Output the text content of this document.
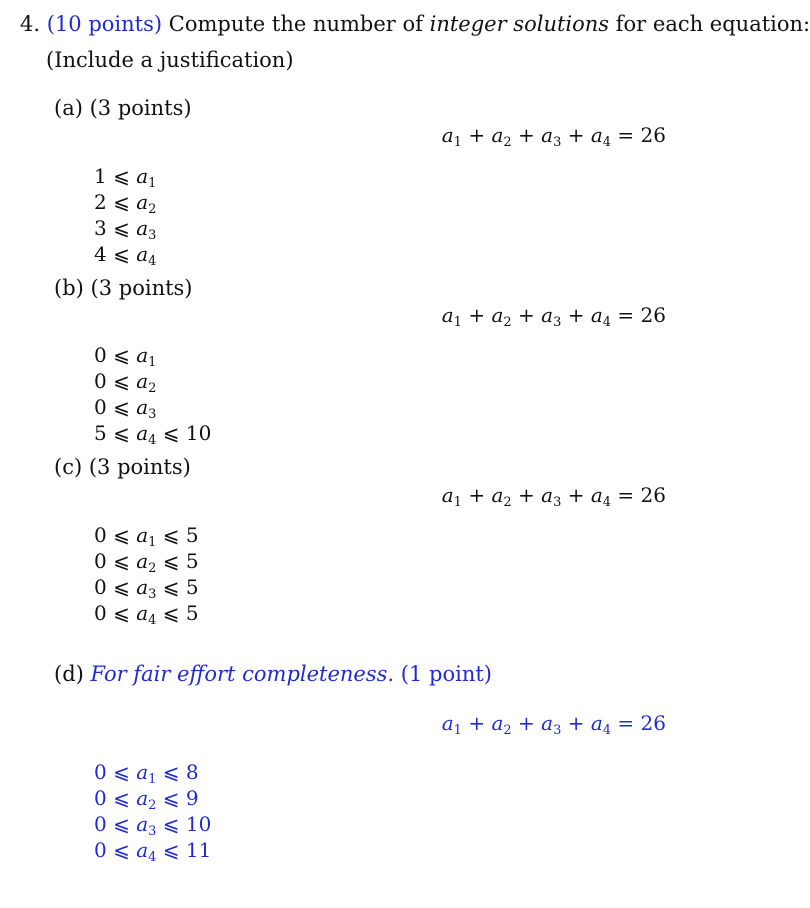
4. (10 points) Compute the number of integer solutions for each equation:
(Include a justification)
(a) (3 points)
$a_1 + a_2 + a_3 + a_4 = 26$
1 ⩽ $a_1$
2 ⩽ $a_2$
3 ⩽ $a_3$
4 ⩽ $a_4$
(b) (3 points)
$a_1 + a_2 + a_3 + a_4 = 26$
0 ⩽ $a_1$
0 ⩽ $a_2$
0 ⩽ $a_3$
5 ⩽ $a_4$ ⩽ 10
(c) (3 points)
$a_1 + a_2 + a_3 + a_4 = 26$
0 ⩽ $a_1$ ⩽ 5
0 ⩽ $a_2$ ⩽ 5
0 ⩽ $a_3$ ⩽ 5
0 ⩽ $a_4$ ⩽ 5
(d) For fair effort completeness. (1 point)
$a_1 + a_2 + a_3 + a_4 = 26$
0 ⩽ $a_1$ ⩽ 8
0 ⩽ $a_2$ ⩽ 9
0 ⩽ $a_3$ ⩽ 10
0 ⩽ $a_4$ ⩽ 11
